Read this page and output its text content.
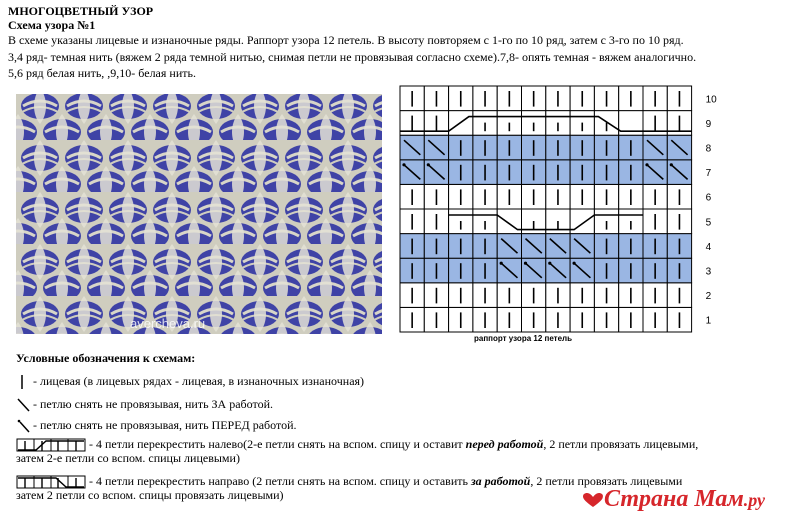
МНОГОЦВЕТНЫЙ УЗОР
Схема узора №1
В схеме указаны лицевые и изнаночные ряды. Раппорт узора 12 петель. В высоту повторяем с 1-го по 10 ряд, затем с 3-го по 10 ряд.
3,4 ряд- темная нить (вяжем 2 ряда темной нитью, снимая петли не провязывая согласно схеме).7,8- опять темная - вяжем аналогично.
5,6 ряд белая нить, ,9,10- белая нить.
avercheva.ru
10
9
8
7
6
5
4
3
2
1
раппорт узора 12 петель
Условные обозначения к схемам:
- лицевая (в лицевых рядах - лицевая, в изнаночных изнаночная)
- петлю снять не провязывая, нить ЗА работой.
- петлю снять не провязывая, нить ПЕРЕД работой.
- 4 петли перекрестить налево(2-е петли снять на вспом. спицу и оставит перед работой, 2 петли провязать лицевыми,
затем 2-е петли со вспом. спицы лицевыми)
- 4 петли перекрестить направо (2 петли снять на вспом. спицу и оставить за работой, 2 петли провязать лицевыми
затем 2 петли со вспом. спицы провязать лицевыми)	Страна Мам.ру
